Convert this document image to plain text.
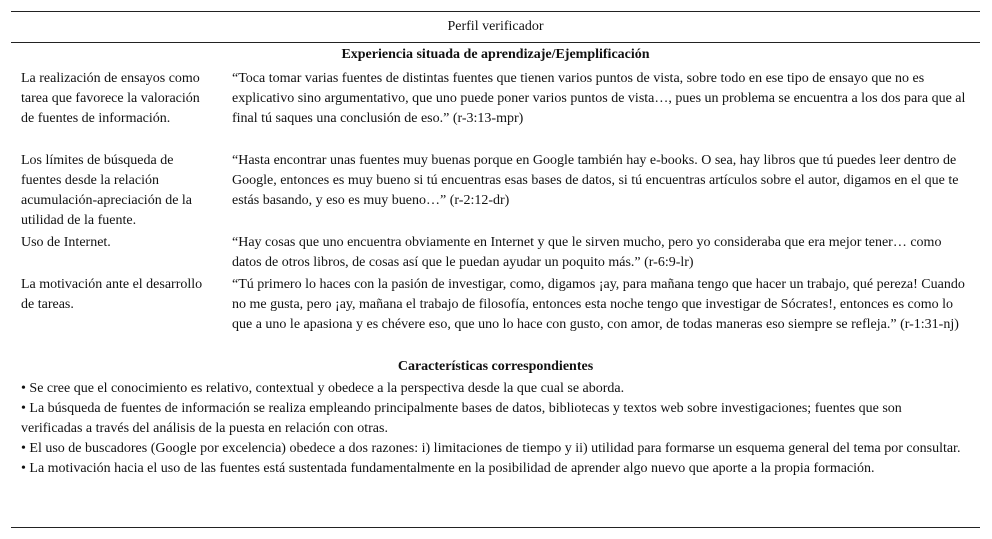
Perfil verificador
Experiencia situada de aprendizaje/Ejemplificación
La realización de ensayos como tarea que favorece la valoración de fuentes de información.
“Toca tomar varias fuentes de distintas fuentes que tienen varios puntos de vista, sobre todo en ese tipo de ensayo que no es explicativo sino argumentativo, que uno puede poner varios puntos de vista…, pues un problema se encuentra a los dos para que al final tú saques una conclusión de eso.” (r-3:13-mpr)
Los límites de búsqueda de fuentes desde la relación acumulación-apreciación de la utilidad de la fuente.
“Hasta encontrar unas fuentes muy buenas porque en Google también hay e-books. O sea, hay libros que tú puedes leer dentro de Google, entonces es muy bueno si tú encuentras esas bases de datos, si tú encuentras artículos sobre el autor, digamos en el que te estás basando, y eso es muy bueno…” (r-2:12-dr)
Uso de Internet.	“Hay cosas que uno encuentra obviamente en Internet y que le sirven mucho, pero yo consideraba que era mejor tener… como datos de otros libros, de cosas así que le puedan ayudar un poquito más.” (r-6:9-lr)
La motivación ante el desarrollo de tareas.
“Tú primero lo haces con la pasión de investigar, como, digamos ¡ay, para mañana tengo que hacer un trabajo, qué pereza! Cuando no me gusta, pero ¡ay, mañana el trabajo de filosofía, entonces esta noche tengo que investigar de Sócrates!, entonces es como lo que a uno le apasiona y es chévere eso, que uno lo hace con gusto, con amor, de todas maneras eso siempre se refleja.” (r-1:31-nj)
Características correspondientes

• Se cree que el conocimiento es relativo, contextual y obedece a la perspectiva desde la que cual se aborda.

• La búsqueda de fuentes de información se realiza empleando principalmente bases de datos, bibliotecas y textos web sobre investigaciones; fuentes que son verificadas a través del análisis de la puesta en relación con otras.

• El uso de buscadores (Google por excelencia) obedece a dos razones: i) limitaciones de tiempo y ii) utilidad para formarse un esquema general del tema por consultar.

• La motivación hacia el uso de las fuentes está sustentada fundamentalmente en la posibilidad de aprender algo nuevo que aporte a la propia formación.
